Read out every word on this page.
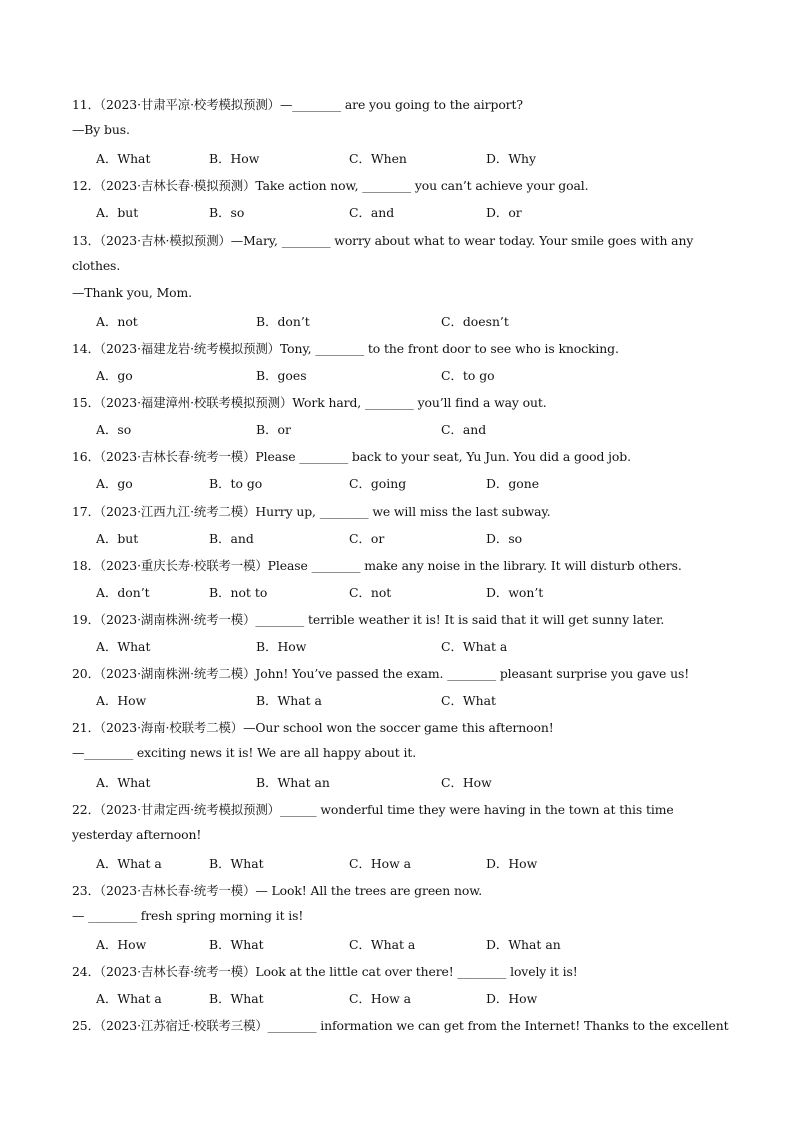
11．（2023·甘肃平凉·校考模拟预测）—________ are you going to the airport?
—By bus.
A．What	B．How	C．When	D．Why
12．（2023·吉林长春·模拟预测）Take action now, ________ you can’t achieve your goal.
A．but	B．so	C．and	D．or
13．（2023·吉林·模拟预测）—Mary, ________ worry about what to wear today. Your smile goes with any
clothes.
—Thank you, Mom.
A．not	B．don’t	C．doesn’t
14．（2023·福建龙岩·统考模拟预测）Tony, ________ to the front door to see who is knocking.
A．go	B．goes	C．to go
15．（2023·福建漳州·校联考模拟预测）Work hard, ________ you’ll find a way out.
A．so	B．or	C．and
16．（2023·吉林长春·统考一模）Please ________ back to your seat, Yu Jun. You did a good job.
A．go	B．to go	C．going	D．gone
17．（2023·江西九江·统考二模）Hurry up, ________ we will miss the last subway.
A．but	B．and	C．or	D．so
18．（2023·重庆长寿·校联考一模）Please ________ make any noise in the library. It will disturb others.
A．don’t	B．not to	C．not	D．won’t
19．（2023·湖南株洲·统考一模）________ terrible weather it is! It is said that it will get sunny later.
A．What	B．How	C．What a
20．（2023·湖南株洲·统考二模）John! You’ve passed the exam. ________ pleasant surprise you gave us!
A．How	B．What a	C．What
21．（2023·海南·校联考二模）—Our school won the soccer game this afternoon!
—________ exciting news it is! We are all happy about it.
A．What	B．What an	C．How
22．（2023·甘肃定西·统考模拟预测）______ wonderful time they were having in the town at this time
yesterday afternoon!
A．What a	B．What	C．How a	D．How
23．（2023·吉林长春·统考一模）— Look! All the trees are green now.
— ________ fresh spring morning it is!
A．How	B．What	C．What a	D．What an
24．（2023·吉林长春·统考一模）Look at the little cat over there! ________ lovely it is!
A．What a	B．What	C．How a	D．How
25．（2023·江苏宿迁·校联考三模）________ information we can get from the Internet! Thanks to the excellent
